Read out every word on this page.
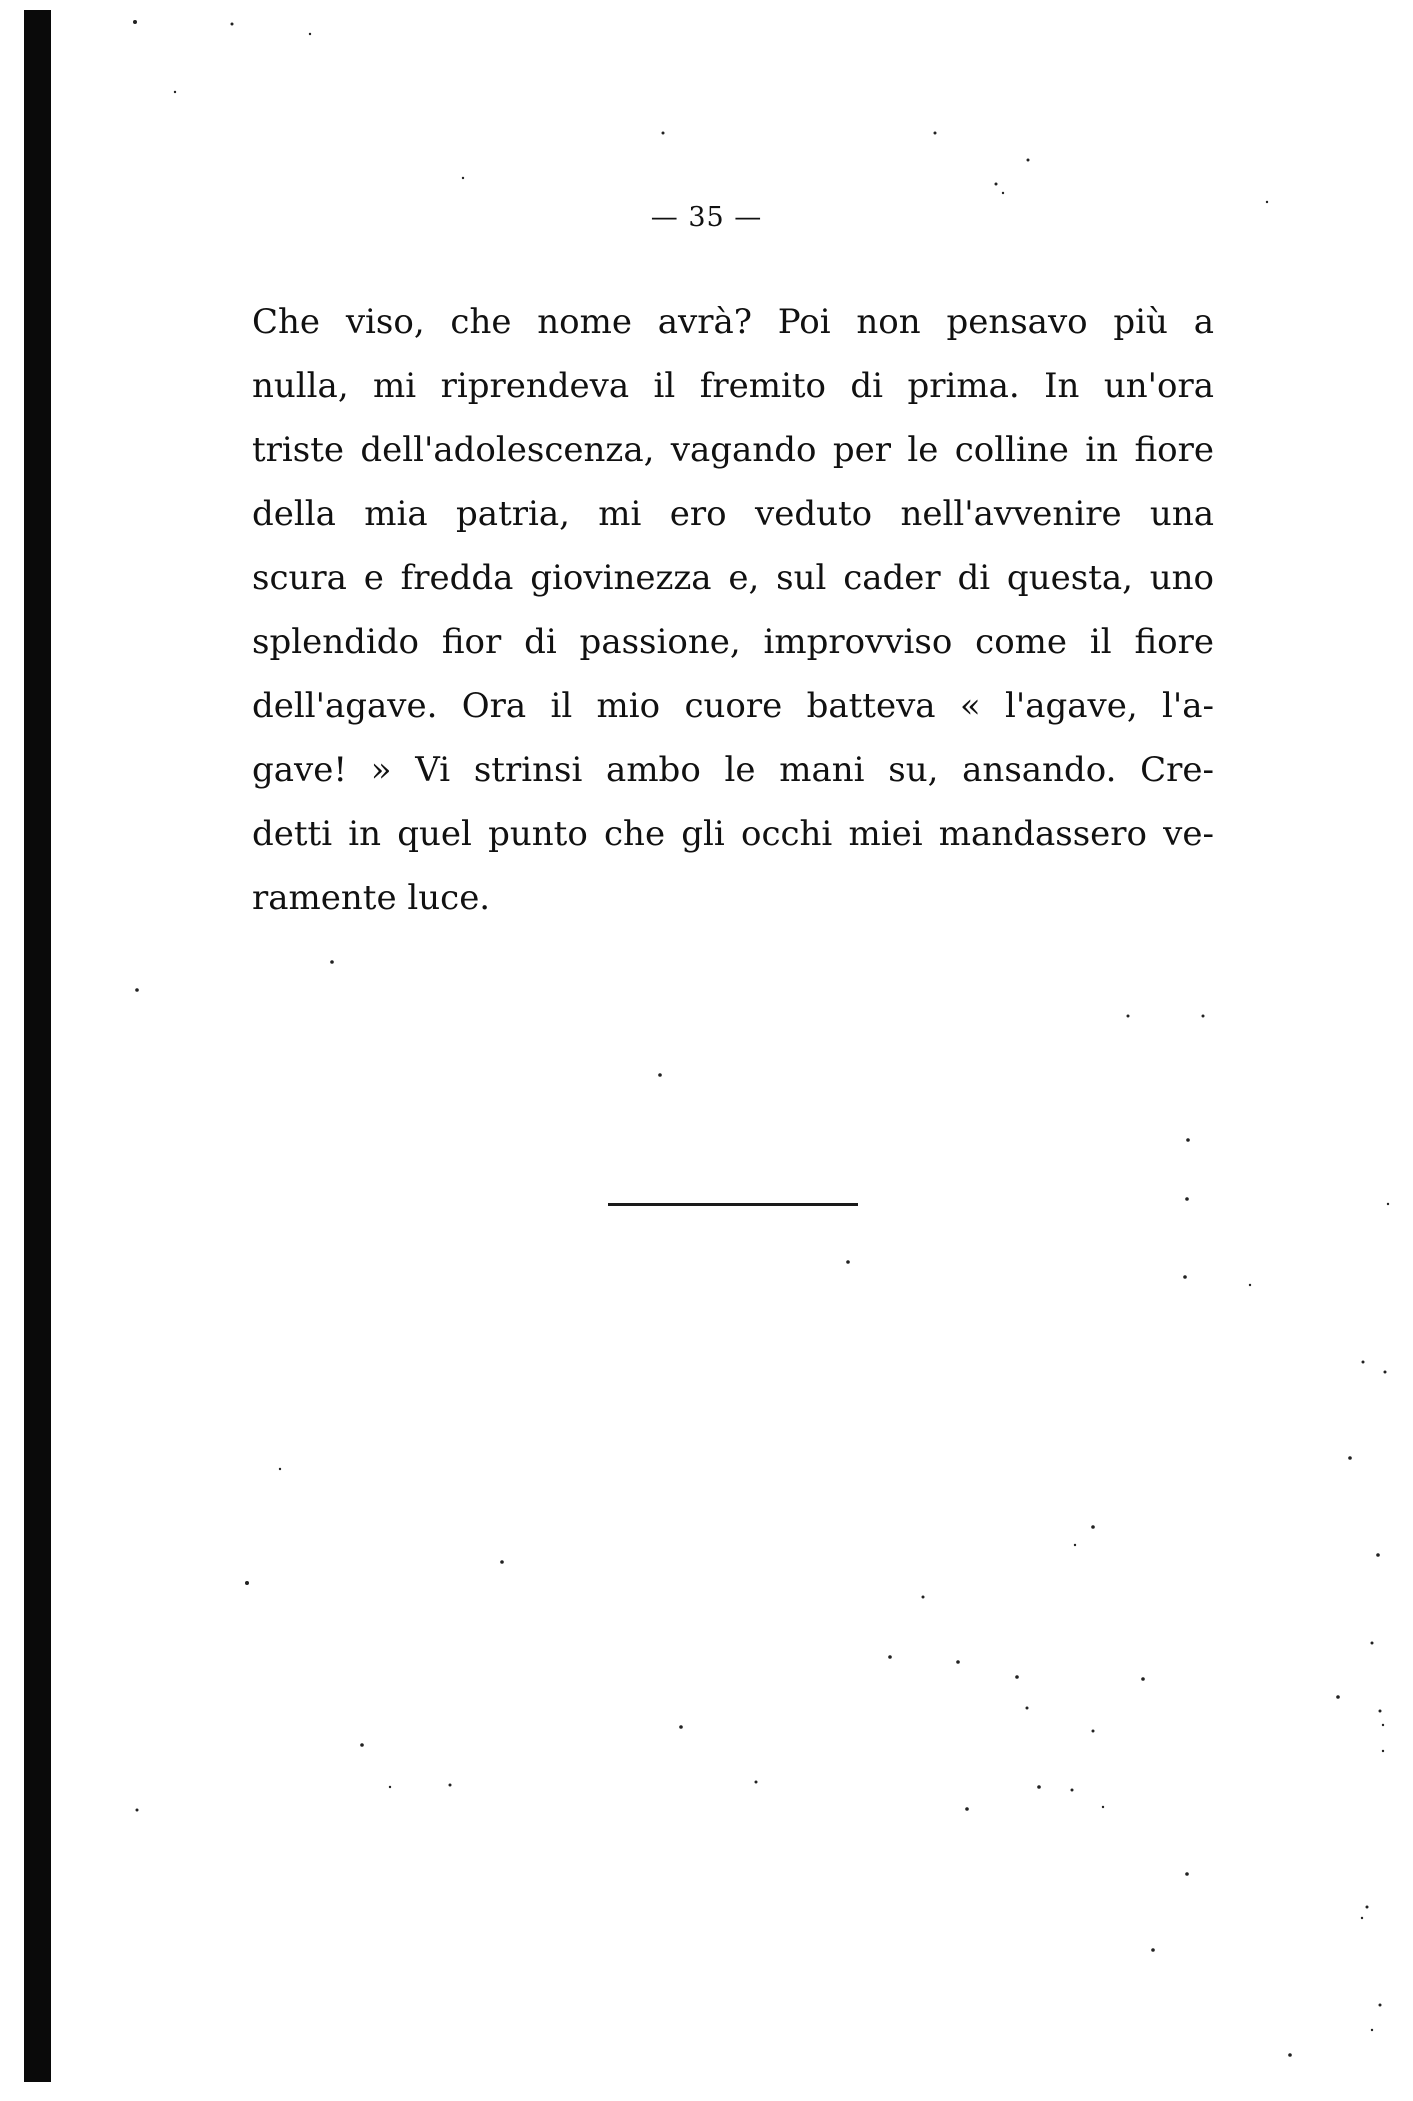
— 35 —
Che viso, che nome avrà? Poi non pensavo più a
nulla, mi riprendeva il fremito di prima. In un'ora
triste dell'adolescenza, vagando per le colline in fiore
della mia patria, mi ero veduto nell'avvenire una
scura e fredda giovinezza e, sul cader di questa, uno
splendido fior di passione, improvviso come il fiore
dell'agave. Ora il mio cuore batteva « l'agave, l'a-
gave! » Vi strinsi ambo le mani su, ansando. Cre-
detti in quel punto che gli occhi miei mandassero ve-
ramente luce.
